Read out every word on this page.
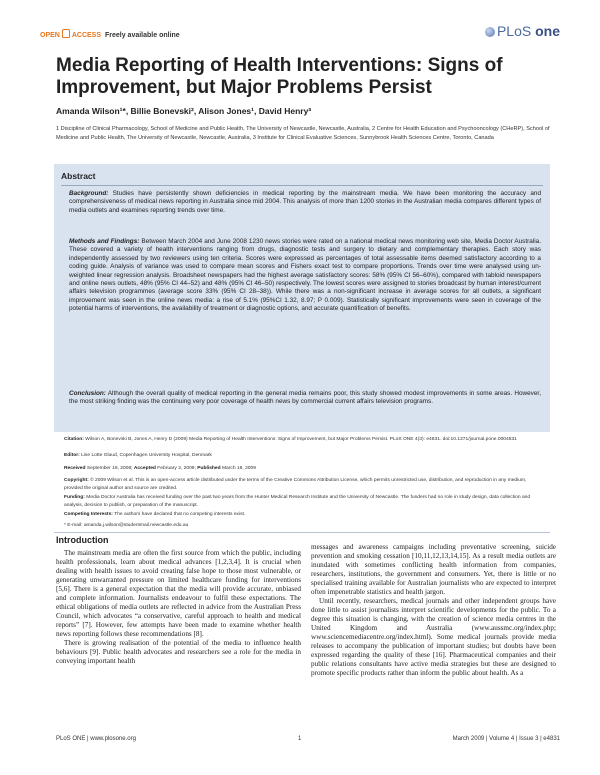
OPEN ACCESS Freely available online	PLoS one
Media Reporting of Health Interventions: Signs of Improvement, but Major Problems Persist
Amanda Wilson¹*, Billie Bonevski², Alison Jones¹, David Henry³
1 Discipline of Clinical Pharmacology, School of Medicine and Public Health, The University of Newcastle, Newcastle, Australia, 2 Centre for Health Education and Psychooncology (CHeRP), School of Medicine and Public Health, The University of Newcastle, Newcastle, Australia, 3 Institute for Clinical Evaluative Sciences, Sunnybrook Health Sciences Centre, Toronto, Canada
Abstract
Background: Studies have persistently shown deficiencies in medical reporting by the mainstream media. We have been monitoring the accuracy and comprehensiveness of medical news reporting in Australia since mid 2004. This analysis of more than 1200 stories in the Australian media compares different types of media outlets and examines reporting trends over time.
Methods and Findings: Between March 2004 and June 2008 1230 news stories were rated on a national medical news monitoring web site, Media Doctor Australia. These covered a variety of health interventions ranging from drugs, diagnostic tests and surgery to dietary and complementary therapies. Each story was independently assessed by two reviewers using ten criteria. Scores were expressed as percentages of total assessable items deemed satisfactory according to a coding guide. Analysis of variance was used to compare mean scores and Fishers exact test to compare proportions. Trends over time were analysed using un-weighted linear regression analysis. Broadsheet newspapers had the highest average satisfactory scores: 58% (95% CI 56–60%), compared with tabloid newspapers and online news outlets, 48% (95% CI 44–52) and 48% (95% CI 46–50) respectively. The lowest scores were assigned to stories broadcast by human interest/current affairs television programmes (average score 33% (95% CI 28–38)). While there was a non-significant increase in average scores for all outlets, a significant improvement was seen in the online news media: a rise of 5.1% (95%CI 1.32, 8.97; P 0.009). Statistically significant improvements were seen in coverage of the potential harms of interventions, the availability of treatment or diagnostic options, and accurate quantification of benefits.
Conclusion: Although the overall quality of medical reporting in the general media remains poor, this study showed modest improvements in some areas. However, the most striking finding was the continuing very poor coverage of health news by commercial current affairs television programs.
Citation: Wilson A, Bonevski B, Jones A, Henry D (2009) Media Reporting of Health Interventions: Signs of Improvement, but Major Problems Persist. PLoS ONE 4(3): e4831. doi:10.1371/journal.pone.0004831
Editor: Lise Lotte Gluud, Copenhagen University Hospital, Denmark
Received September 18, 2008; Accepted February 2, 2009; Published March 18, 2009
Copyright: © 2009 Wilson et al. This is an open-access article distributed under the terms of the Creative Commons Attribution License, which permits unrestricted use, distribution, and reproduction in any medium, provided the original author and source are credited.
Funding: Media Doctor Australia has received funding over the past two years from the Hunter Medical Research Institute and the University of Newcastle. The funders had no role in study design, data collection and analysis, decision to publish, or preparation of the manuscript.
Competing Interests: The authors have declared that no competing interests exist.
* E-mail: amanda.j.wilson@studentmail.newcastle.edu.au
Introduction

The mainstream media are often the first source from which the public, including health professionals, learn about medical advances [1,2,3,4]. It is crucial when dealing with health issues to avoid creating false hope to those most vulnerable, or generating unwarranted pressure on limited healthcare funding for interventions [5,6]. There is a general expectation that the media will provide accurate, unbiased and complete information. Journalists endeavour to fulfil these expectations. The ethical obligations of media outlets are reflected in advice from the Australian Press Council, which advocates “a conservative, careful approach to health and medical reports” [7]. However, few attempts have been made to examine whether health news reporting follows these recommendations [8].

There is growing realisation of the potential of the media to influence health behaviours [9]. Public health advocates and researchers see a role for the media in conveying important health

messages and awareness campaigns including preventative screening, suicide prevention and smoking cessation [10,11,12,13,14,15]. As a result media outlets are inundated with sometimes conflicting health information from companies, researchers, institutions, the government and consumers. Yet, there is little or no specialised training available for Australian journalists who are expected to interpret often impenetrable statistics and health jargon.

Until recently, researchers, medical journals and other independent groups have done little to assist journalists interpret scientific developments for the public. To a degree this situation is changing, with the creation of science media centres in the United Kingdom and Australia (www.aussmc.org/index.php; www.sciencemediacentre.org/index.html). Some medical journals provide media releases to accompany the publication of important studies; but doubts have been expressed regarding the quality of these [16]. Pharmaceutical companies and their public relations consultants have active media strategies but these are designed to promote specific products rather than inform the public about health. As a

PLoS ONE | www.plosone.org	1	March 2009 | Volume 4 | Issue 3 | e4831
